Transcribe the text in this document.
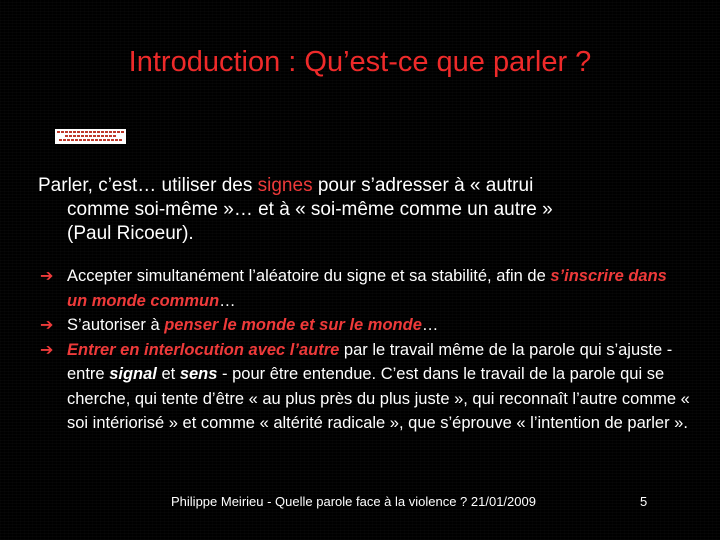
Introduction : Qu’est-ce que parler ?
Parler, c’est… utiliser des signes pour s’adresser à « autrui
comme soi-même »… et à « soi-même comme un autre »
(Paul Ricoeur).
➔ Accepter simultanément l’aléatoire du signe et sa stabilité, afin de s’inscrire dans un monde commun…
➔ S’autoriser à penser le monde et sur le monde…
➔ Entrer en interlocution avec l’autre par le travail même de la parole qui s’ajuste - entre signal et sens - pour être entendue. C’est dans le travail de la parole qui se cherche, qui tente d’être « au plus près du plus juste », qui reconnaît l’autre comme « soi intériorisé » et comme « altérité radicale », que s’éprouve « l’intention de parler ».
Philippe Meirieu - Quelle parole face à la violence ? 21/01/2009	5
